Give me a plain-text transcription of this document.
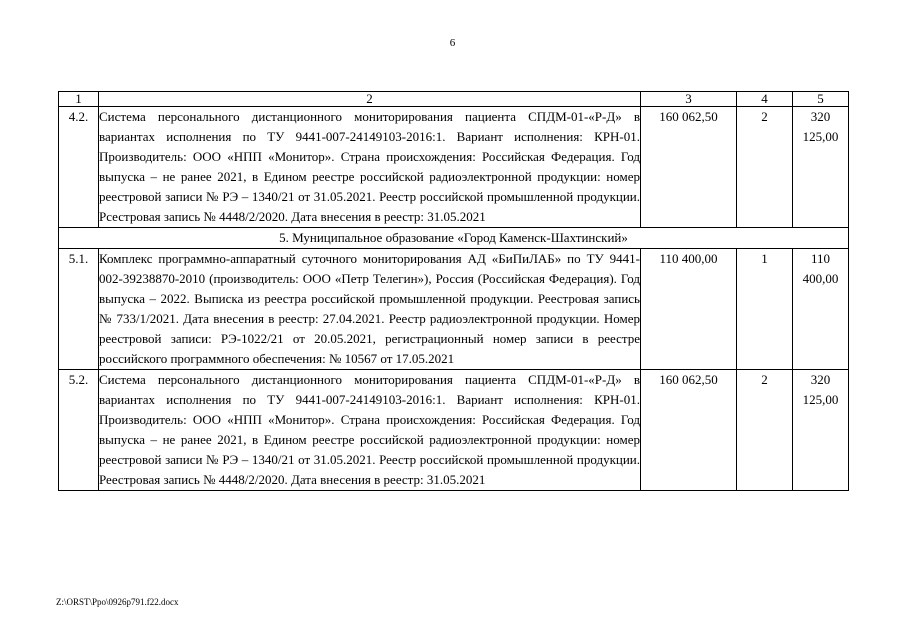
6
1	2	3	4	5
4.2.	Система персонального дистанционного мониторирования пациента СПДМ-01-«Р-Д» в вариантах исполнения по ТУ 9441-007-24149103-2016:1. Вариант исполнения: КРН-01. Производитель: ООО «НПП «Монитор». Страна происхождения: Российская Федерация. Год выпуска – не ранее 2021, в Едином реестре российской радиоэлектронной продукции: номер реестровой записи № РЭ – 1340/21 от 31.05.2021. Реестр российской промышленной продукции. Рсестровая запись № 4448/2/2020. Дата внесения в реестр: 31.05.2021	160 062,50	2	320 125,00
5. Муниципальное образование «Город Каменск-Шахтинский»				
5.1.	Комплекс программно-аппаратный суточного мониторирования АД «БиПиЛАБ» по ТУ 9441-002-39238870-2010 (производитель: ООО «Петр Телегин»), Россия (Российская Федерация). Год выпуска – 2022. Выписка из реестра российской промышленной продукции. Реестровая запись № 733/1/2021. Дата внесения в реестр: 27.04.2021. Реестр радиоэлектронной продукции. Номер реестровой записи: РЭ-1022/21 от 20.05.2021, регистрационный номер записи в реестре российского программного обеспечения: № 10567 от 17.05.2021	110 400,00	1	110 400,00
5.2.	Система персонального дистанционного мониторирования пациента СПДМ-01-«Р-Д» в вариантах исполнения по ТУ 9441-007-24149103-2016:1. Вариант исполнения: КРН-01. Производитель: ООО «НПП «Монитор». Страна происхождения: Российская Федерация. Год выпуска – не ранее 2021, в Едином реестре российской радиоэлектронной продукции: номер реестровой записи № РЭ – 1340/21 от 31.05.2021. Реестр российской промышленной продукции. Реестровая запись № 4448/2/2020. Дата внесения в реестр: 31.05.2021	160 062,50	2	320 125,00
Z:\ORST\Ppo\0926p791.f22.docx
